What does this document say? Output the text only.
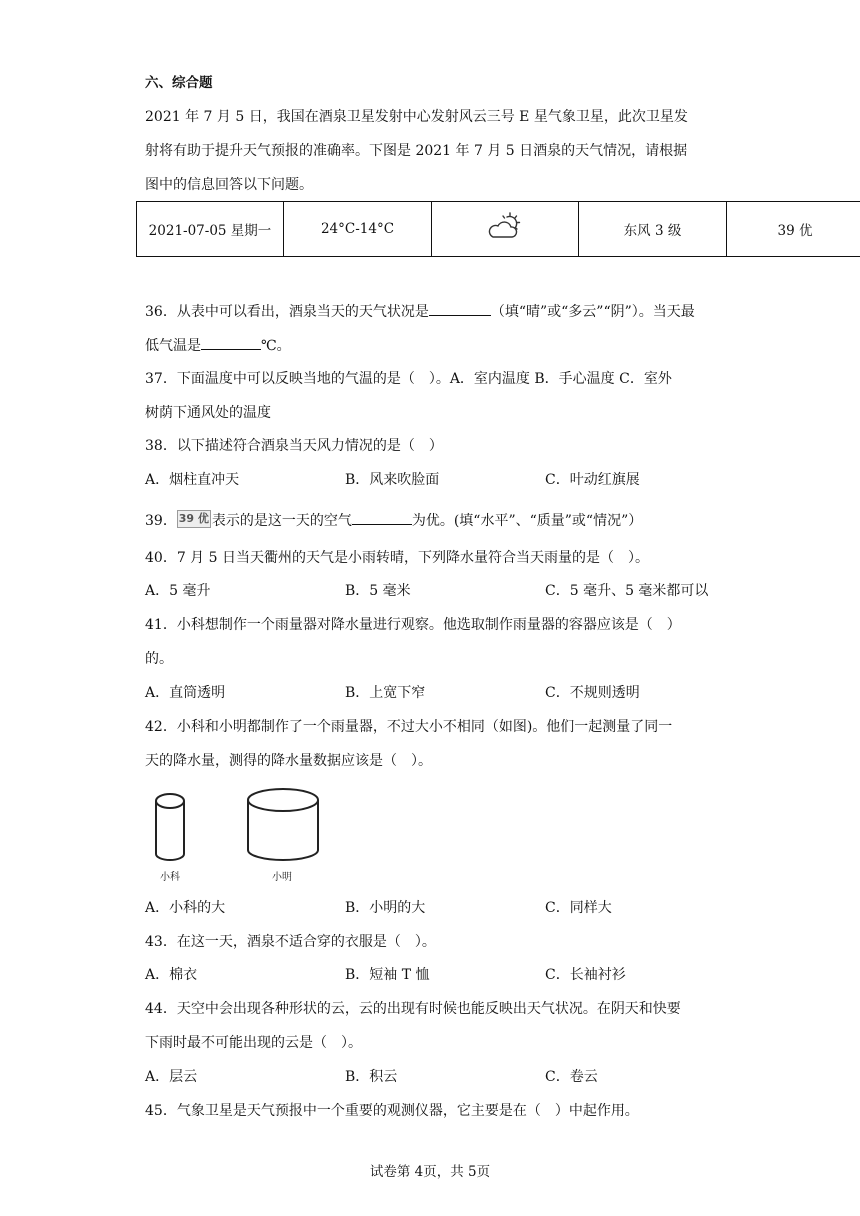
六、综合题
2021 年 7 月 5 日，我国在酒泉卫星发射中心发射风云三号 E 星气象卫星，此次卫星发
射将有助于提升天气预报的准确率。下图是 2021 年 7 月 5 日酒泉的天气情况，请根据
图中的信息回答以下问题。
2021-07-05 星期一	24°C-14°C		东风 3 级	39 优
36．从表中可以看出，酒泉当天的天气状况是	（填“晴”或“多云”“阴”）。当天最
低气温是	℃。
37．下面温度中可以反映当地的气温的是（　）。A．室内温度 B．手心温度 C．室外
树荫下通风处的温度
38．以下描述符合酒泉当天风力情况的是（　）
A．烟柱直冲天	B．风来吹脸面	C．叶动红旗展
39． 39 优 表示的是这一天的空气	为优。(填“水平”、“质量”或“情况”）
40．7 月 5 日当天衢州的天气是小雨转晴，下列降水量符合当天雨量的是（　）。
A．5 毫升	B．5 毫米	C．5 毫升、5 毫米都可以
41．小科想制作一个雨量器对降水量进行观察。他选取制作雨量器的容器应该是（　）
的。
A．直筒透明	B．上宽下窄	C．不规则透明
42．小科和小明都制作了一个雨量器，不过大小不相同（如图)。他们一起测量了同一
天的降水量，测得的降水量数据应该是（　）。
小科	小明
A．小科的大	B．小明的大	C．同样大
43．在这一天，酒泉不适合穿的衣服是（　）。
A．棉衣	B．短袖 T 恤	C．长袖衬衫
44．天空中会出现各种形状的云，云的出现有时候也能反映出天气状况。在阴天和快要
下雨时最不可能出现的云是（　）。
A．层云	B．积云	C．卷云
45．气象卫星是天气预报中一个重要的观测仪器，它主要是在（　）中起作用。
试卷第 4页，共 5页
